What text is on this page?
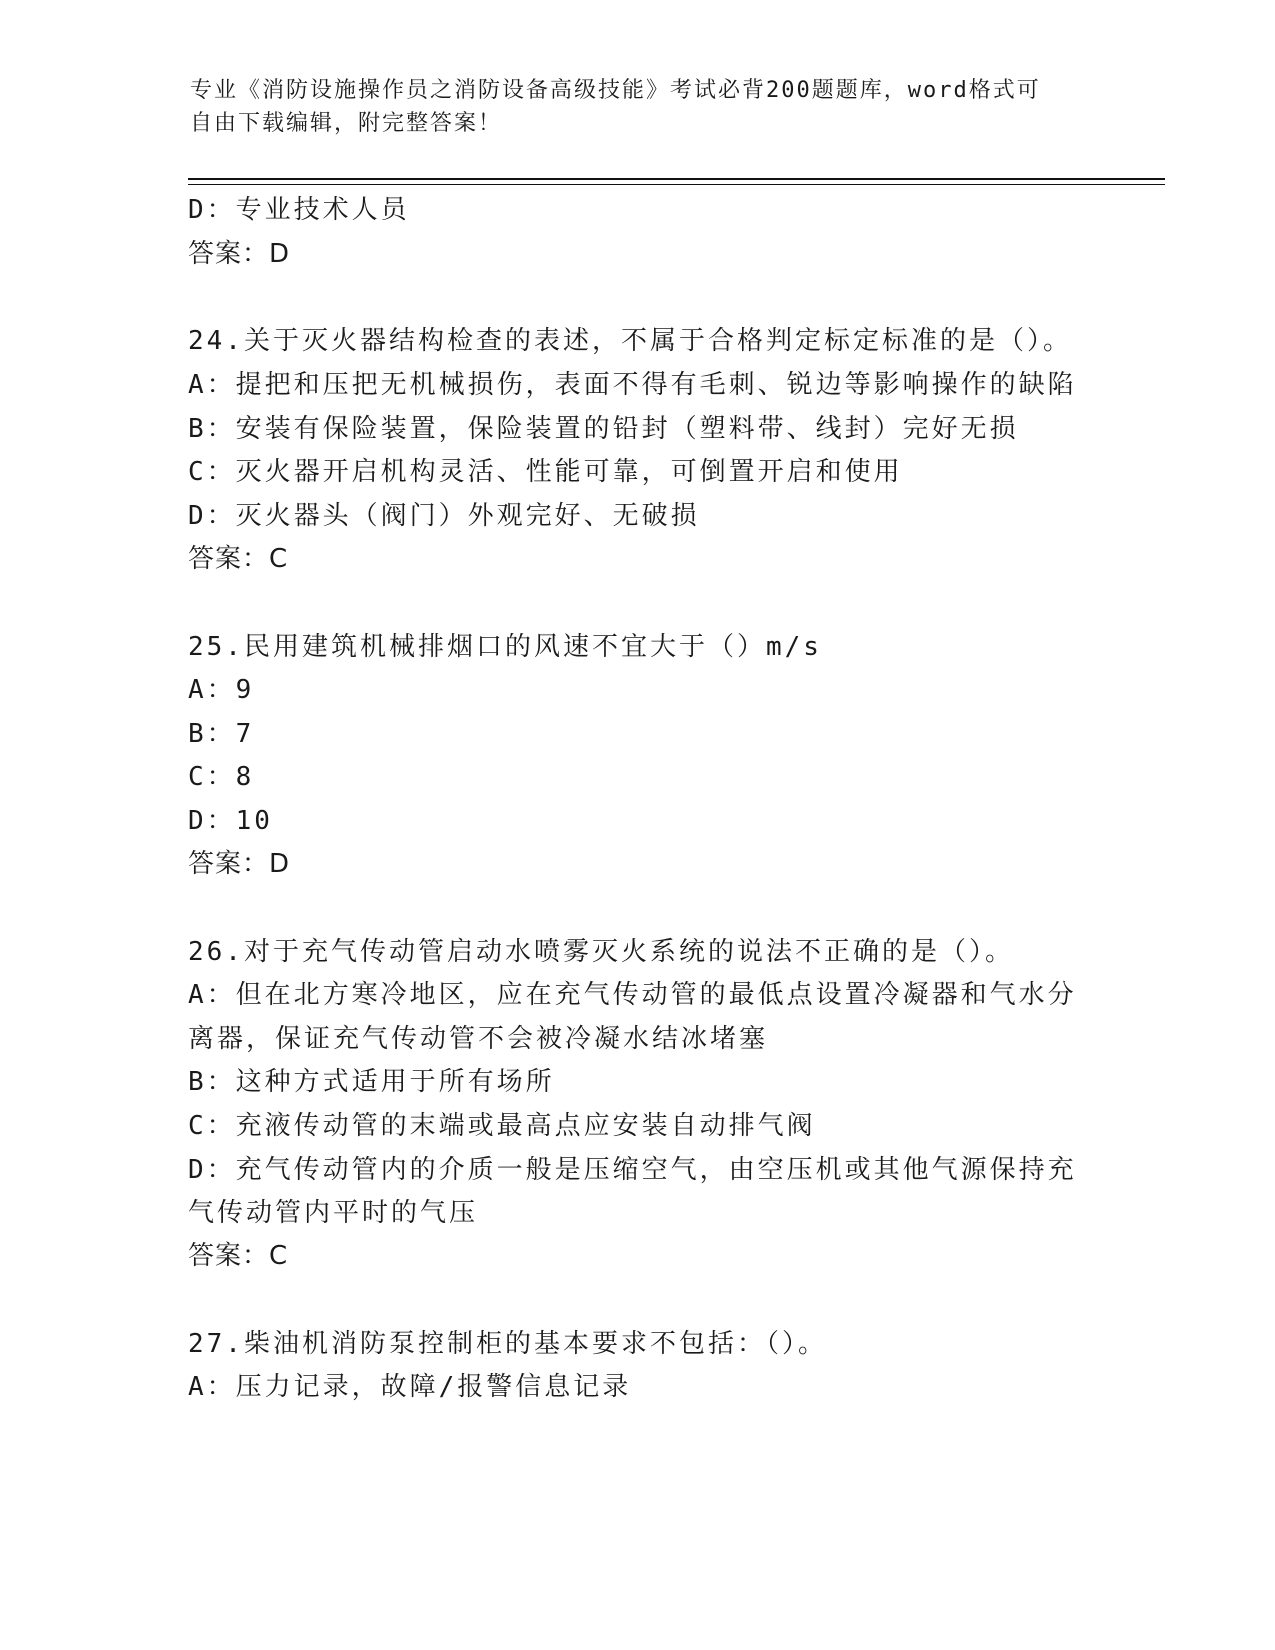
专业《消防设施操作员之消防设备高级技能》考试必背200题题库，word格式可
自由下载编辑，附完整答案！
D：专业技术人员
答案：D
24.关于灭火器结构检查的表述，不属于合格判定标定标准的是（）。
A：提把和压把无机械损伤，表面不得有毛刺、锐边等影响操作的缺陷
B：安装有保险装置，保险装置的铅封（塑料带、线封）完好无损
C：灭火器开启机构灵活、性能可靠，可倒置开启和使用
D：灭火器头（阀门）外观完好、无破损
答案：C
25.民用建筑机械排烟口的风速不宜大于（）m/s
A：9
B：7
C：8
D：10
答案：D
26.对于充气传动管启动水喷雾灭火系统的说法不正确的是（）。
A：但在北方寒冷地区，应在充气传动管的最低点设置冷凝器和气水分
离器，保证充气传动管不会被冷凝水结冰堵塞
B：这种方式适用于所有场所
C：充液传动管的末端或最高点应安装自动排气阀
D：充气传动管内的介质一般是压缩空气，由空压机或其他气源保持充
气传动管内平时的气压
答案：C
27.柴油机消防泵控制柜的基本要求不包括：（）。
A：压力记录，故障/报警信息记录
